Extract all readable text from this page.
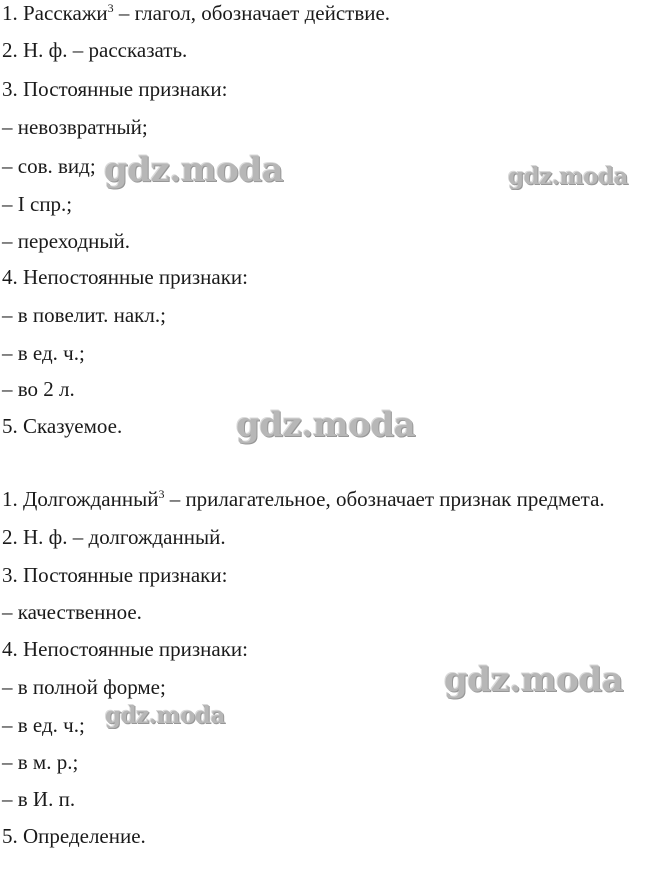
1. Расскажи$^3$ – глагол, обозначает действие.
2. Н. ф. – рассказать.
3. Постоянные признаки:
– невозвратный;
– сов. вид;
– I спр.;
– переходный.
4. Непостоянные признаки:
– в повелит. накл.;
– в ед. ч.;
– во 2 л.
5. Сказуемое.
1. Долгожданный$^3$ – прилагательное, обозначает признак предмета.
2. Н. ф. – долгожданный.
3. Постоянные признаки:
– качественное.
4. Непостоянные признаки:
– в полной форме;
– в ед. ч.;
– в м. р.;
– в И. п.
5. Определение.
gdz.moda	gdz.moda
gdz.moda
gdz.moda
gdz.moda
